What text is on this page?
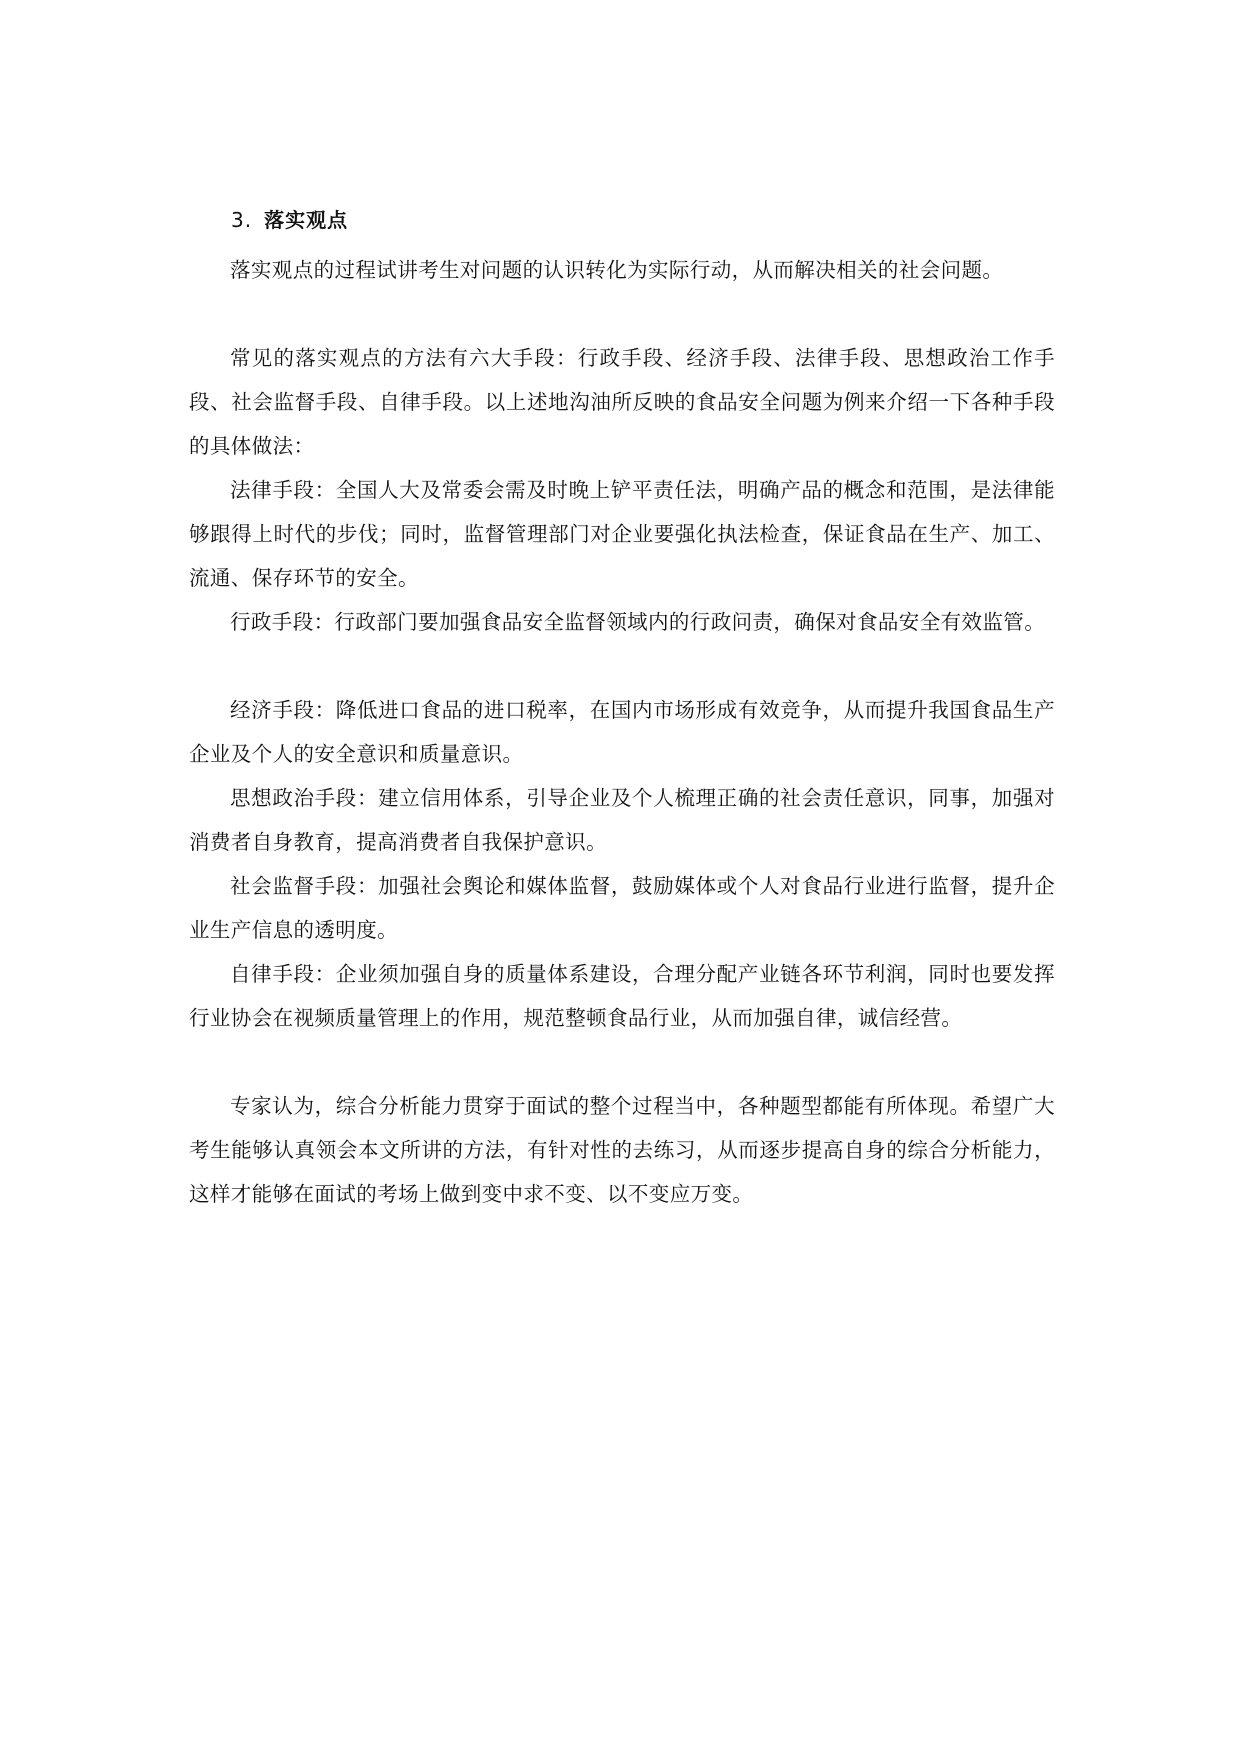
3. 落实观点

落实观点的过程试讲考生对问题的认识转化为实际行动，从而解决相关的社会问题。

常见的落实观点的方法有六大手段：行政手段、经济手段、法律手段、思想政治工作手段、社会监督手段、自律手段。以上述地沟油所反映的食品安全问题为例来介绍一下各种手段的具体做法：

法律手段：全国人大及常委会需及时晚上铲平责任法，明确产品的概念和范围，是法律能够跟得上时代的步伐；同时，监督管理部门对企业要强化执法检查，保证食品在生产、加工、流通、保存环节的安全。

行政手段：行政部门要加强食品安全监督领域内的行政问责，确保对食品安全有效监管。

经济手段：降低进口食品的进口税率，在国内市场形成有效竞争，从而提升我国食品生产企业及个人的安全意识和质量意识。

思想政治手段：建立信用体系，引导企业及个人梳理正确的社会责任意识，同事，加强对消费者自身教育，提高消费者自我保护意识。

社会监督手段：加强社会舆论和媒体监督，鼓励媒体或个人对食品行业进行监督，提升企业生产信息的透明度。

自律手段：企业须加强自身的质量体系建设，合理分配产业链各环节利润，同时也要发挥行业协会在视频质量管理上的作用，规范整顿食品行业，从而加强自律，诚信经营。

专家认为，综合分析能力贯穿于面试的整个过程当中，各种题型都能有所体现。希望广大考生能够认真领会本文所讲的方法，有针对性的去练习，从而逐步提高自身的综合分析能力，这样才能够在面试的考场上做到变中求不变、以不变应万变。
